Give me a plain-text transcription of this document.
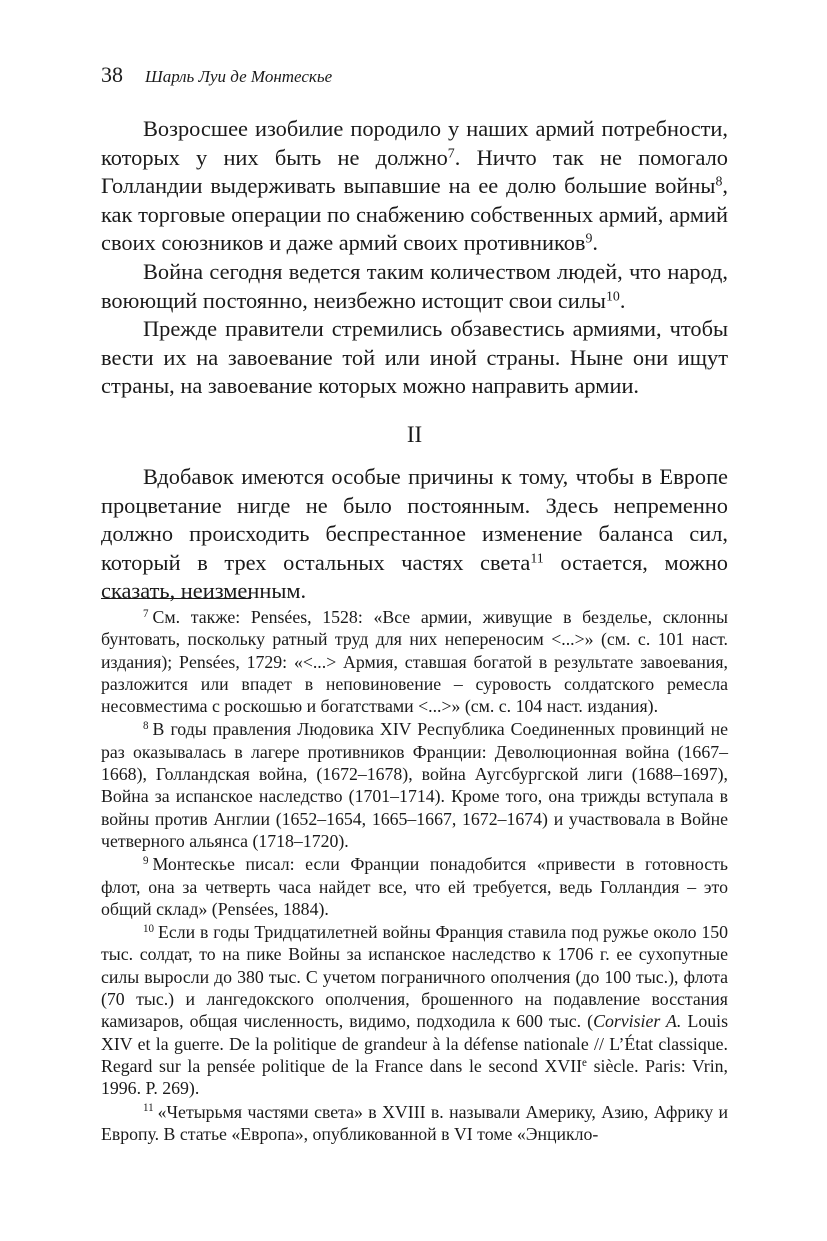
38 Шарль Луи де Монтескье

Возросшее изобилие породило у наших армий потребности, которых у них быть не должно$^7$. Ничто так не помогало Голландии выдерживать выпавшие на ее долю большие войны$^8$, как торговые операции по снабжению собственных армий, армий своих союзников и даже армий своих противников$^9$.

Война сегодня ведется таким количеством людей, что народ, воюющий постоянно, неизбежно истощит свои силы$^{10}$.

Прежде правители стремились обзавестись армиями, чтобы вести их на завоевание той или иной страны. Ныне они ищут страны, на завоевание которых можно направить армии.

II

Вдобавок имеются особые причины к тому, чтобы в Европе процветание нигде не было постоянным. Здесь непременно должно происходить беспрестанное изменение баланса сил, который в трех остальных частях света$^{11}$ остается, можно сказать, неизменным.

$^7$ См. также: Pensées, 1528: «Все армии, живущие в безделье, склонны бунтовать, поскольку ратный труд для них непереносим <...>» (см. с. 101 наст. издания); Pensées, 1729: «<...> Армия, ставшая богатой в результате завоевания, разложится или впадет в неповиновение – суровость солдатского ремесла несовместима с роскошью и богатствами <...>» (см. с. 104 наст. издания).

$^8$ В годы правления Людовика XIV Республика Соединенных провинций не раз оказывалась в лагере противников Франции: Деволюционная война (1667–1668), Голландская война, (1672–1678), война Аугсбургской лиги (1688–1697), Война за испанское наследство (1701–1714). Кроме того, она трижды вступала в войны против Англии (1652–1654, 1665–1667, 1672–1674) и участвовала в Войне четверного альянса (1718–1720).

$^9$ Монтескье писал: если Франции понадобится «привести в готовность флот, она за четверть часа найдет все, что ей требуется, ведь Голландия – это общий склад» (Pensées, 1884).

$^{10}$ Если в годы Тридцатилетней войны Франция ставила под ружье около 150 тыс. солдат, то на пике Войны за испанское наследство к 1706 г. ее сухопутные силы выросли до 380 тыс. С учетом пограничного ополчения (до 100 тыс.), флота (70 тыс.) и лангедокского ополчения, брошенного на подавление восстания камизаров, общая численность, видимо, подходила к 600 тыс. (Corvisier A. Louis XIV et la guerre. De la politique de grandeur à la défense nationale // L’État classique. Regard sur la pensée politique de la France dans le second XVIIe siècle. Paris: Vrin, 1996. P. 269).

$^{11}$ «Четырьмя частями света» в XVIII в. называли Америку, Азию, Африку и Европу. В статье «Европа», опубликованной в VI томе «Энцикло-
